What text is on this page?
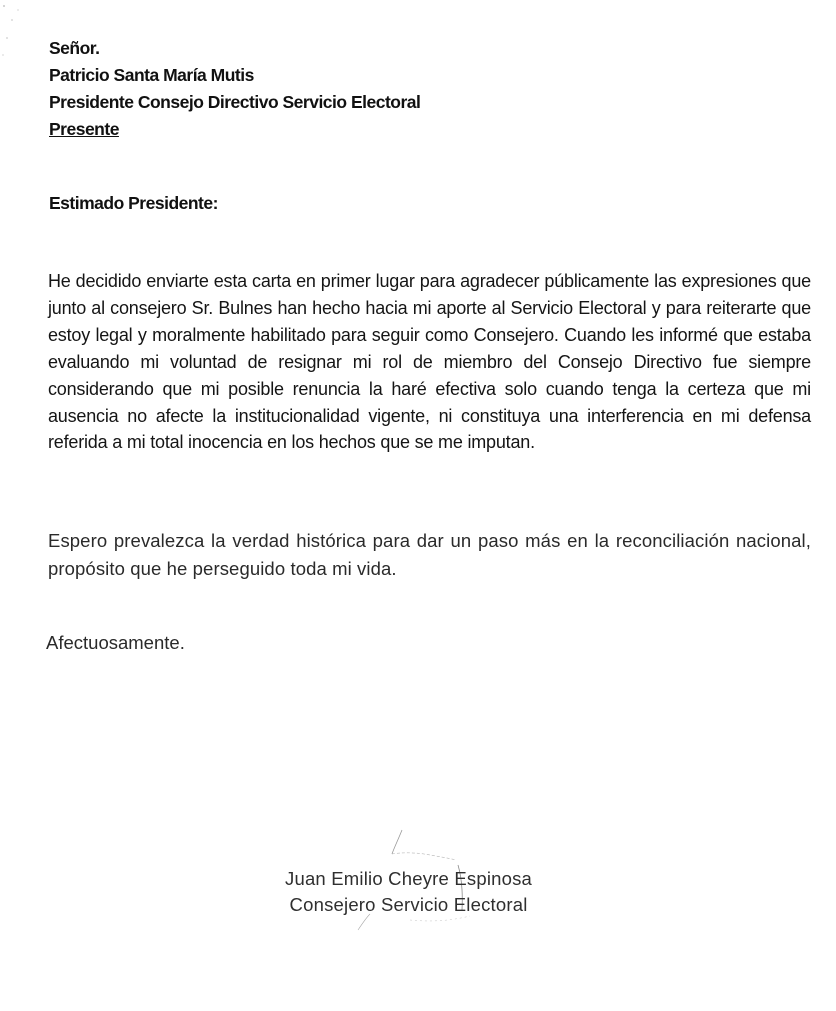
Señor.
Patricio Santa María Mutis
Presidente Consejo Directivo Servicio Electoral
Presente
Estimado Presidente:
He decidido enviarte esta carta en primer lugar para agradecer públicamente las expresiones que junto al consejero Sr. Bulnes han hecho hacia mi aporte al Servicio Electoral y para reiterarte que estoy legal y moralmente habilitado para seguir como Consejero. Cuando les informé que estaba evaluando mi voluntad de resignar mi rol de miembro del Consejo Directivo fue siempre considerando que mi posible renuncia la haré efectiva solo cuando tenga la certeza que mi ausencia no afecte la institucionalidad vigente, ni constituya una interferencia en mi defensa referida a mi total inocencia en los hechos que se me imputan.
Espero prevalezca la verdad histórica para dar un paso más en la reconciliación nacional, propósito que he perseguido toda mi vida.
Afectuosamente.
Juan Emilio Cheyre Espinosa
Consejero Servicio Electoral
